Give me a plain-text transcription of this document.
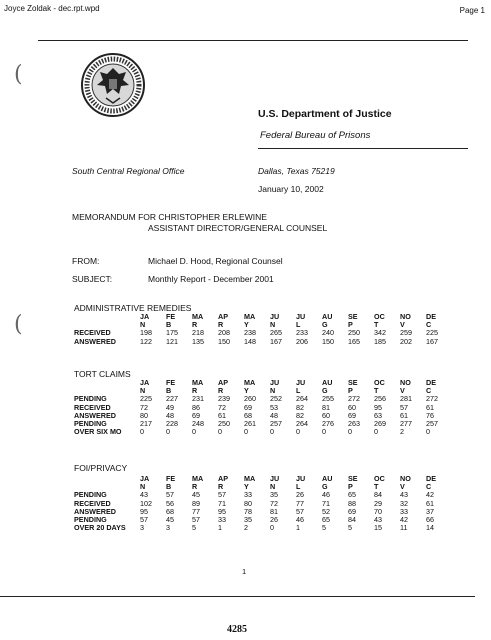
Joyce Zoldak - dec.rpt.wpd	Page 1
(
(
U.S. Department of Justice
Federal Bureau of Prisons
South Central Regional Office	Dallas, Texas 75219
January 10, 2002
MEMORANDUM FOR CHRISTOPHER ERLEWINE
ASSISTANT DIRECTOR/GENERAL COUNSEL
FROM:	Michael D. Hood, Regional Counsel
SUBJECT:	Monthly Report - December 2001
ADMINISTRATIVE REMEDIES
	JA	FE	MA	AP	MA	JU	JU	AU	SE	OC	NO	DE
	N	B	R	R	Y	N	L	G	P	T	V	C
RECEIVED	198	175	218	208	238	265	233	240	250	342	259	225
ANSWERED	122	121	135	150	148	167	206	150	165	185	202	167
TORT CLAIMS
	JA	FE	MA	AP	MA	JU	JU	AU	SE	OC	NO	DE
	N	B	R	R	Y	N	L	G	P	T	V	C
PENDING	225	227	231	239	260	252	264	255	272	256	281	272
RECEIVED	72	49	86	72	69	53	82	81	60	95	57	61
ANSWERED	80	48	69	61	68	48	82	60	69	63	61	76
PENDING	217	228	248	250	261	257	264	276	263	269	277	257
OVER SIX MO	0	0	0	0	0	0	0	0	0	0	2	0
FOI/PRIVACY
	JA	FE	MA	AP	MA	JU	JU	AU	SE	OC	NO	DE
	N	B	R	R	Y	N	L	G	P	T	V	C
PENDING	43	57	45	57	33	35	26	46	65	84	43	42
RECEIVED	102	56	89	71	80	72	77	71	88	29	32	61
ANSWERED	95	68	77	95	78	81	57	52	69	70	33	37
PENDING	57	45	57	33	35	26	46	65	84	43	42	66
OVER 20 DAYS	3	3	5	1	2	0	1	5	5	15	11	14
1
4285
